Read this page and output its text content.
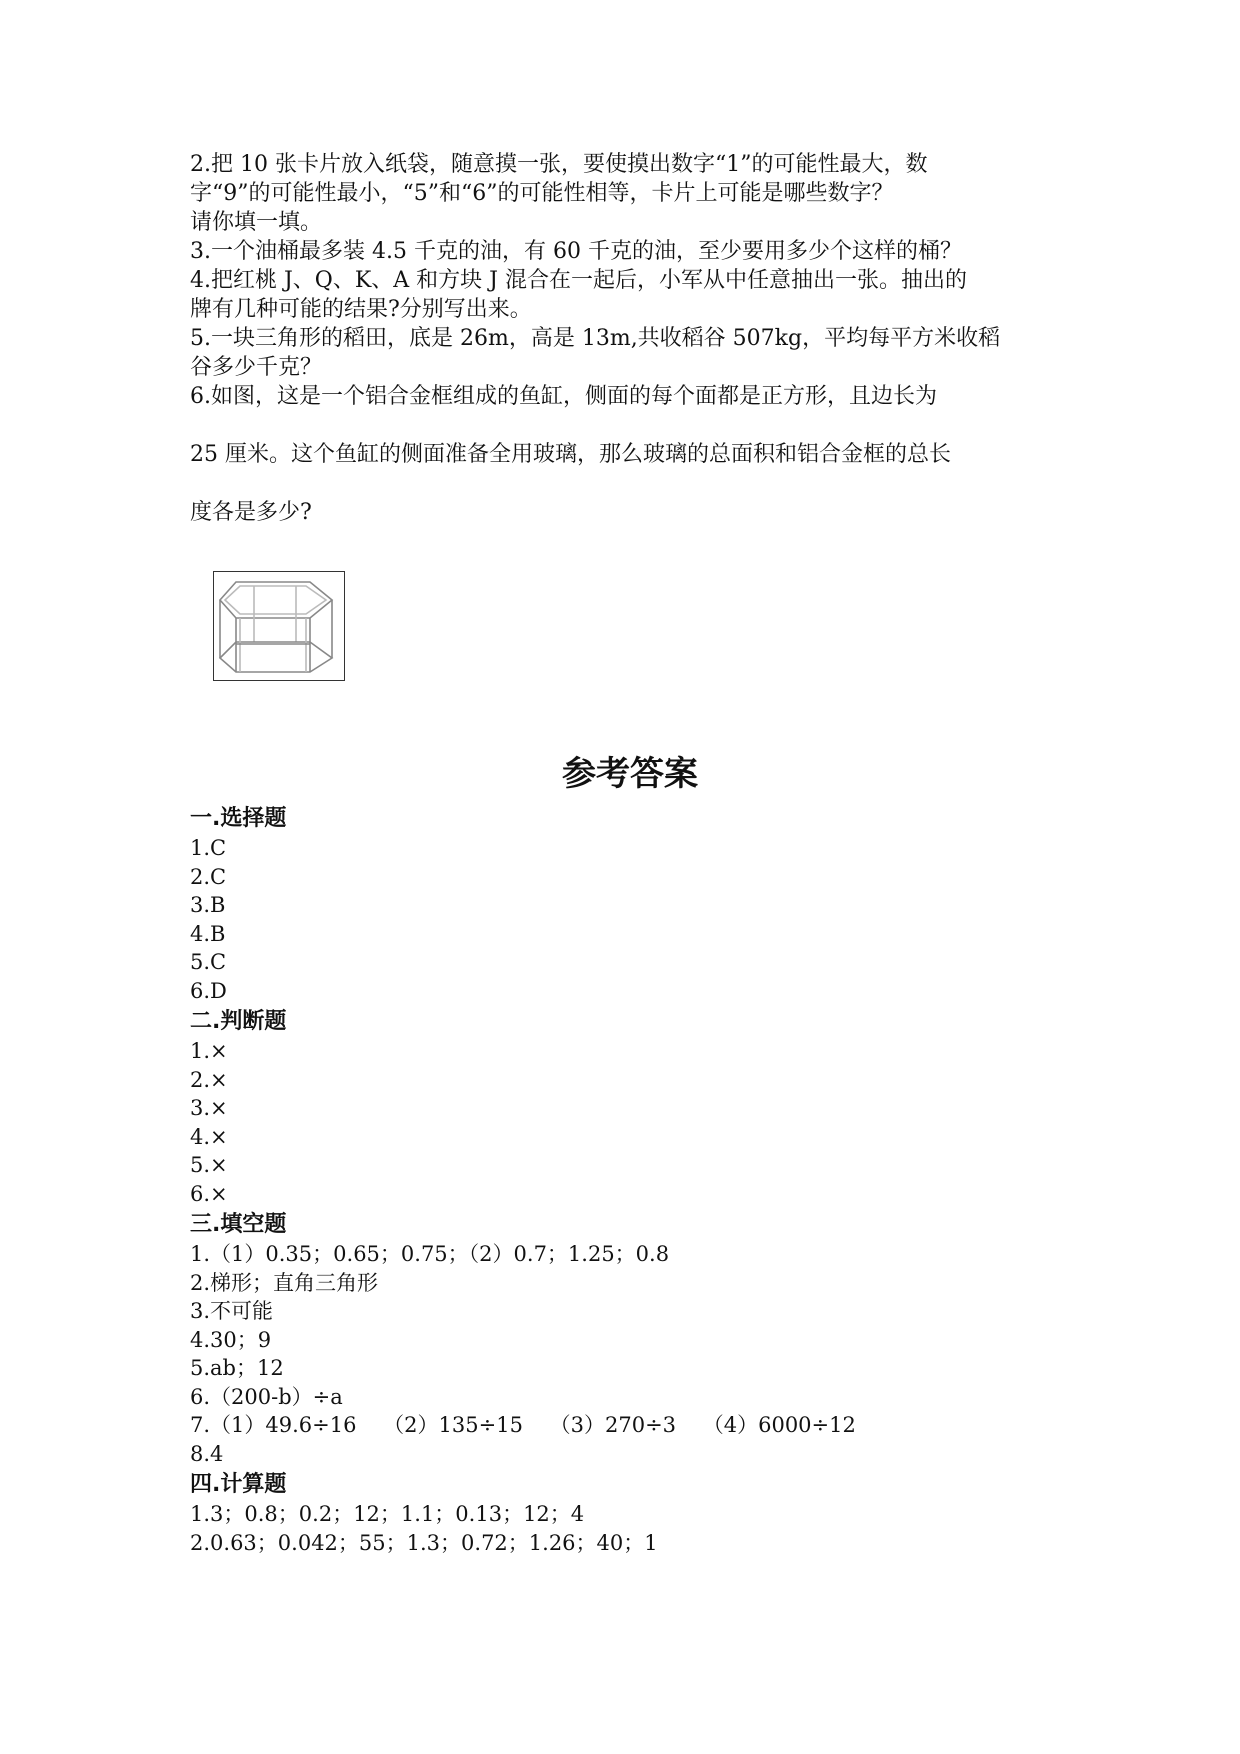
2.把 10 张卡片放入纸袋，随意摸一张，要使摸出数字“1”的可能性最大，数

字“9”的可能性最小，“5”和“6”的可能性相等，卡片上可能是哪些数字？

请你填一填。

3.一个油桶最多装 4.5 千克的油，有 60 千克的油，至少要用多少个这样的桶？

4.把红桃 J、Q、K、A 和方块 J 混合在一起后，小军从中任意抽出一张。抽出的

牌有几种可能的结果?分别写出来。

5.一块三角形的稻田，底是 26m，高是 13m,共收稻谷 507kg，平均每平方米收稻

谷多少千克？

6.如图，这是一个铝合金框组成的鱼缸，侧面的每个面都是正方形，且边长为

25 厘米。这个鱼缸的侧面准备全用玻璃，那么玻璃的总面积和铝合金框的总长

度各是多少?

参考答案

一.选择题

1.C

2.C

3.B

4.B

5.C

6.D

二.判断题

1.×

2.×

3.×

4.×

5.×

6.×

三.填空题

1.（1）0.35；0.65；0.75；（2）0.7；1.25；0.8

2.梯形；直角三角形

3.不可能

4.30；9

5.ab；12

6.（200-b）÷a

7.（1）49.6÷16    （2）135÷15    （3）270÷3    （4）6000÷12

8.4

四.计算题

1.3；0.8；0.2；12；1.1；0.13；12；4

2.0.63；0.042；55；1.3；0.72；1.26；40；1
